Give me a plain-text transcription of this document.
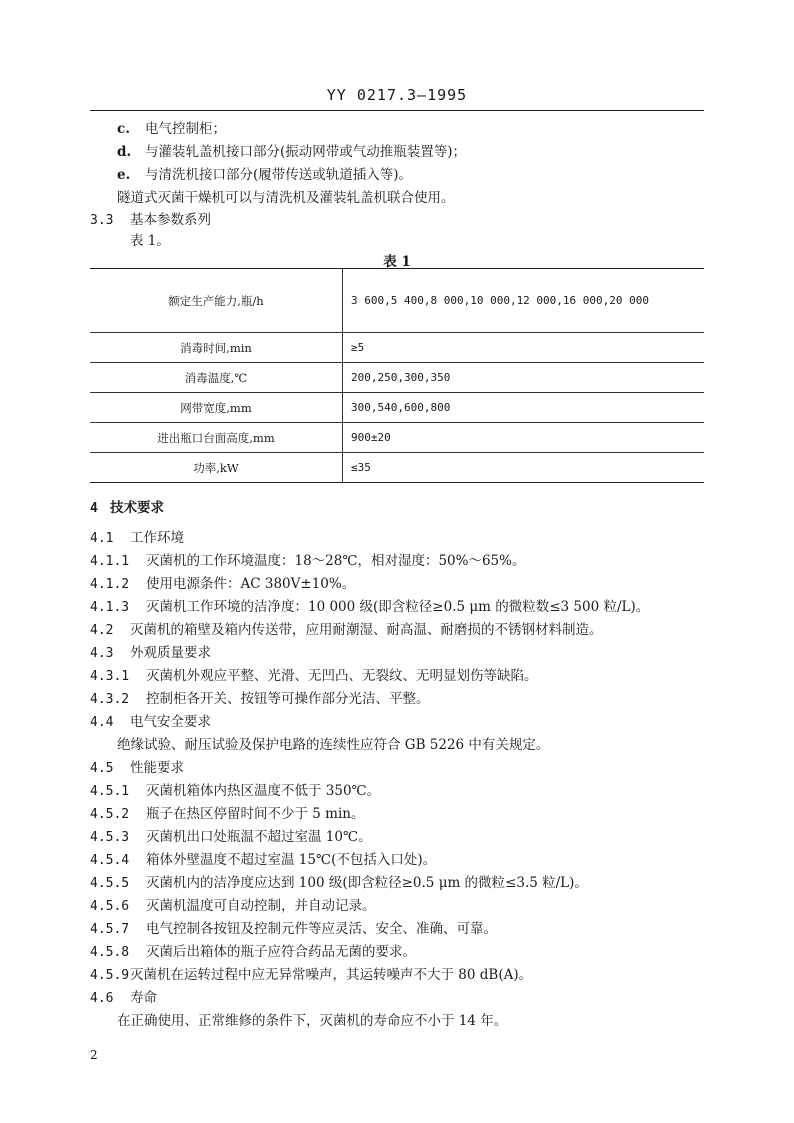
YY 0217.3—1995
c. 电气控制柜；
d. 与灌装轧盖机接口部分(振动网带或气动推瓶装置等)；
e. 与清洗机接口部分(履带传送或轨道插入等)。
隧道式灭菌干燥机可以与清洗机及灌装轧盖机联合使用。
3.3 基本参数系列
表 1。
表 1
额定生产能力,瓶/h	3 600,5 400,8 000,10 000,12 000,16 000,20 000
消毒时间,min	≥5
消毒温度,℃	200,250,300,350
网带宽度,mm	300,540,600,800
进出瓶口台面高度,mm	900±20
功率,kW	≤35
4 技术要求
4.1 工作环境
4.1.1 灭菌机的工作环境温度：18～28℃，相对湿度：50%～65%。
4.1.2 使用电源条件：AC 380V±10%。
4.1.3 灭菌机工作环境的洁净度：10 000 级(即含粒径≥0.5 μm 的微粒数≤3 500 粒/L)。
4.2 灭菌机的箱壁及箱内传送带，应用耐潮湿、耐高温、耐磨损的不锈钢材料制造。
4.3 外观质量要求
4.3.1 灭菌机外观应平整、光滑、无凹凸、无裂纹、无明显划伤等缺陷。
4.3.2 控制柜各开关、按钮等可操作部分光洁、平整。
4.4 电气安全要求
绝缘试验、耐压试验及保护电路的连续性应符合 GB 5226 中有关规定。
4.5 性能要求
4.5.1 灭菌机箱体内热区温度不低于 350℃。
4.5.2 瓶子在热区停留时间不少于 5 min。
4.5.3 灭菌机出口处瓶温不超过室温 10℃。
4.5.4 箱体外壁温度不超过室温 15℃(不包括入口处)。
4.5.5 灭菌机内的洁净度应达到 100 级(即含粒径≥0.5 μm 的微粒≤3.5 粒/L)。
4.5.6 灭菌机温度可自动控制，并自动记录。
4.5.7 电气控制各按钮及控制元件等应灵活、安全、准确、可靠。
4.5.8 灭菌后出箱体的瓶子应符合药品无菌的要求。
4.5.9灭菌机在运转过程中应无异常噪声，其运转噪声不大于 80 dB(A)。
4.6 寿命
在正确使用、正常维修的条件下，灭菌机的寿命应不小于 14 年。
2
